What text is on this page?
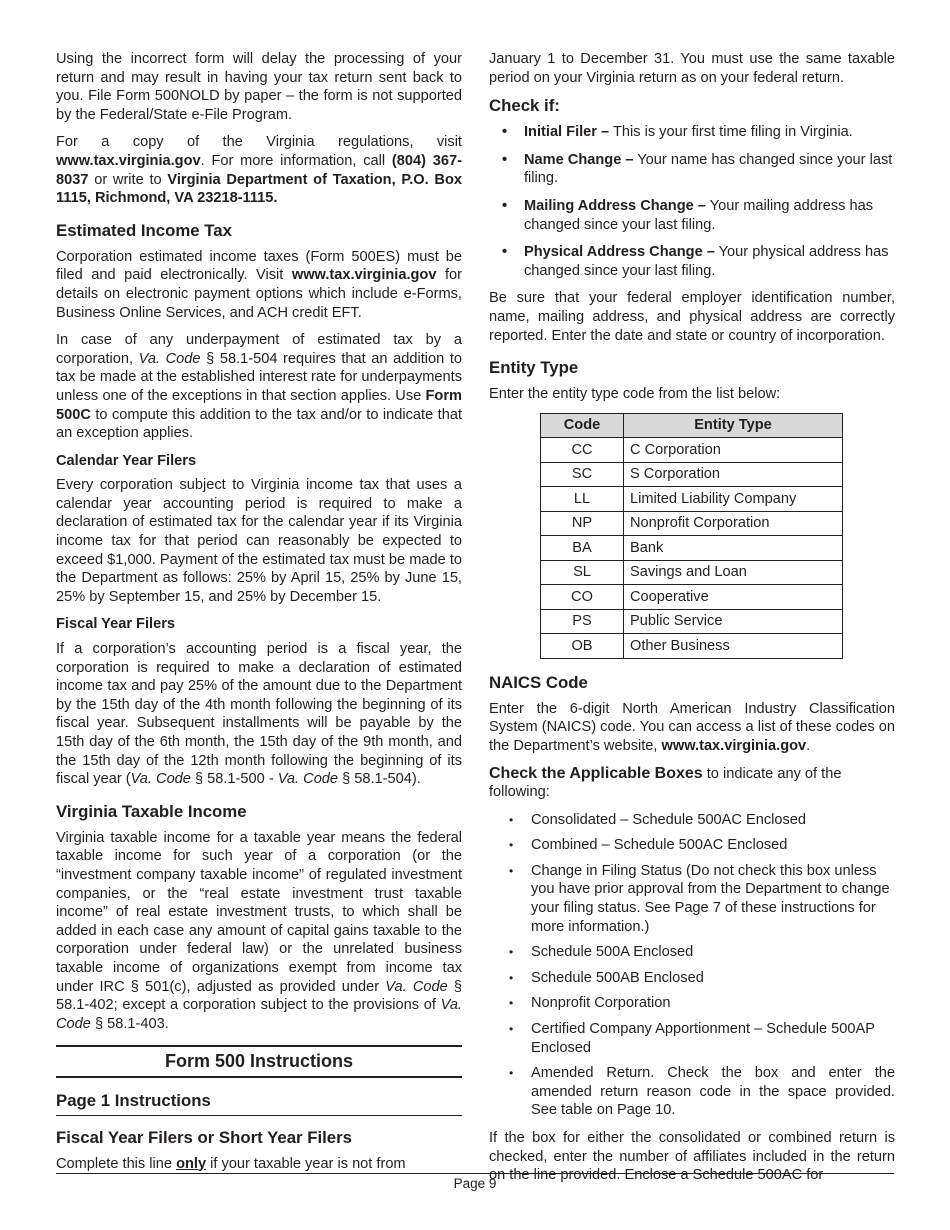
Using the incorrect form will delay the processing of your return and may result in having your tax return sent back to you. File Form 500NOLD by paper – the form is not supported by the Federal/State e-File Program.

For a copy of the Virginia regulations, visit www.tax.virginia.gov. For more information, call (804) 367-8037 or write to Virginia Department of Taxation, P.O. Box 1115, Richmond, VA 23218-1115.

Estimated Income Tax

Corporation estimated income taxes (Form 500ES) must be filed and paid electronically. Visit www.tax.virginia.gov for details on electronic payment options which include e-Forms, Business Online Services, and ACH credit EFT.

In case of any underpayment of estimated tax by a corporation, Va. Code § 58.1-504 requires that an addition to tax be made at the established interest rate for underpayments unless one of the exceptions in that section applies. Use Form 500C to compute this addition to the tax and/or to indicate that an exception applies.

Calendar Year Filers

Every corporation subject to Virginia income tax that uses a calendar year accounting period is required to make a declaration of estimated tax for the calendar year if its Virginia income tax for that period can reasonably be expected to exceed $1,000. Payment of the estimated tax must be made to the Department as follows: 25% by April 15, 25% by June 15, 25% by September 15, and 25% by December 15.

Fiscal Year Filers

If a corporation’s accounting period is a fiscal year, the corporation is required to make a declaration of estimated income tax and pay 25% of the amount due to the Department by the 15th day of the 4th month following the beginning of its fiscal year. Subsequent installments will be payable by the 15th day of the 6th month, the 15th day of the 9th month, and the 15th day of the 12th month following the beginning of its fiscal year (Va. Code § 58.1-500 - Va. Code § 58.1-504).

Virginia Taxable Income

Virginia taxable income for a taxable year means the federal taxable income for such year of a corporation (or the “investment company taxable income” of regulated investment companies, or the “real estate investment trust taxable income” of real estate investment trusts, to which shall be added in each case any amount of capital gains taxable to the corporation under federal law) or the unrelated business taxable income of organizations exempt from income tax under IRC § 501(c), adjusted as provided under Va. Code § 58.1-402; except a corporation subject to the provisions of Va. Code § 58.1-403.

Form 500 Instructions
Page 1 Instructions
Fiscal Year Filers or Short Year Filers

Complete this line only if your taxable year is not from

January 1 to December 31. You must use the same taxable period on your Virginia return as on your federal return.

Check if:
• Initial Filer – This is your first time filing in Virginia.
• Name Change – Your name has changed since your last filing.
• Mailing Address Change – Your mailing address has changed since your last filing.
• Physical Address Change – Your physical address has changed since your last filing.

Be sure that your federal employer identification number, name, mailing address, and physical address are correctly reported. Enter the date and state or country of incorporation.

Entity Type

Enter the entity type code from the list below:

Code	Entity Type
CC	C Corporation
SC	S Corporation
LL	Limited Liability Company
NP	Nonprofit Corporation
BA	Bank
SL	Savings and Loan
CO	Cooperative
PS	Public Service
OB	Other Business
NAICS Code

Enter the 6-digit North American Industry Classification System (NAICS) code. You can access a list of these codes on the Department’s website, www.tax.virginia.gov.

Check the Applicable Boxes to indicate any of the following:

• Consolidated – Schedule 500AC Enclosed
• Combined – Schedule 500AC Enclosed
• Change in Filing Status (Do not check this box unless you have prior approval from the Department to change your filing status. See Page 7 of these instructions for more information.)
• Schedule 500A Enclosed
• Schedule 500AB Enclosed
• Nonprofit Corporation
• Certified Company Apportionment – Schedule 500AP Enclosed
• Amended Return. Check the box and enter the amended return reason code in the space provided. See table on Page 10.

If the box for either the consolidated or combined return is checked, enter the number of affiliates included in the return on the line provided. Enclose a Schedule 500AC for

Page 9
